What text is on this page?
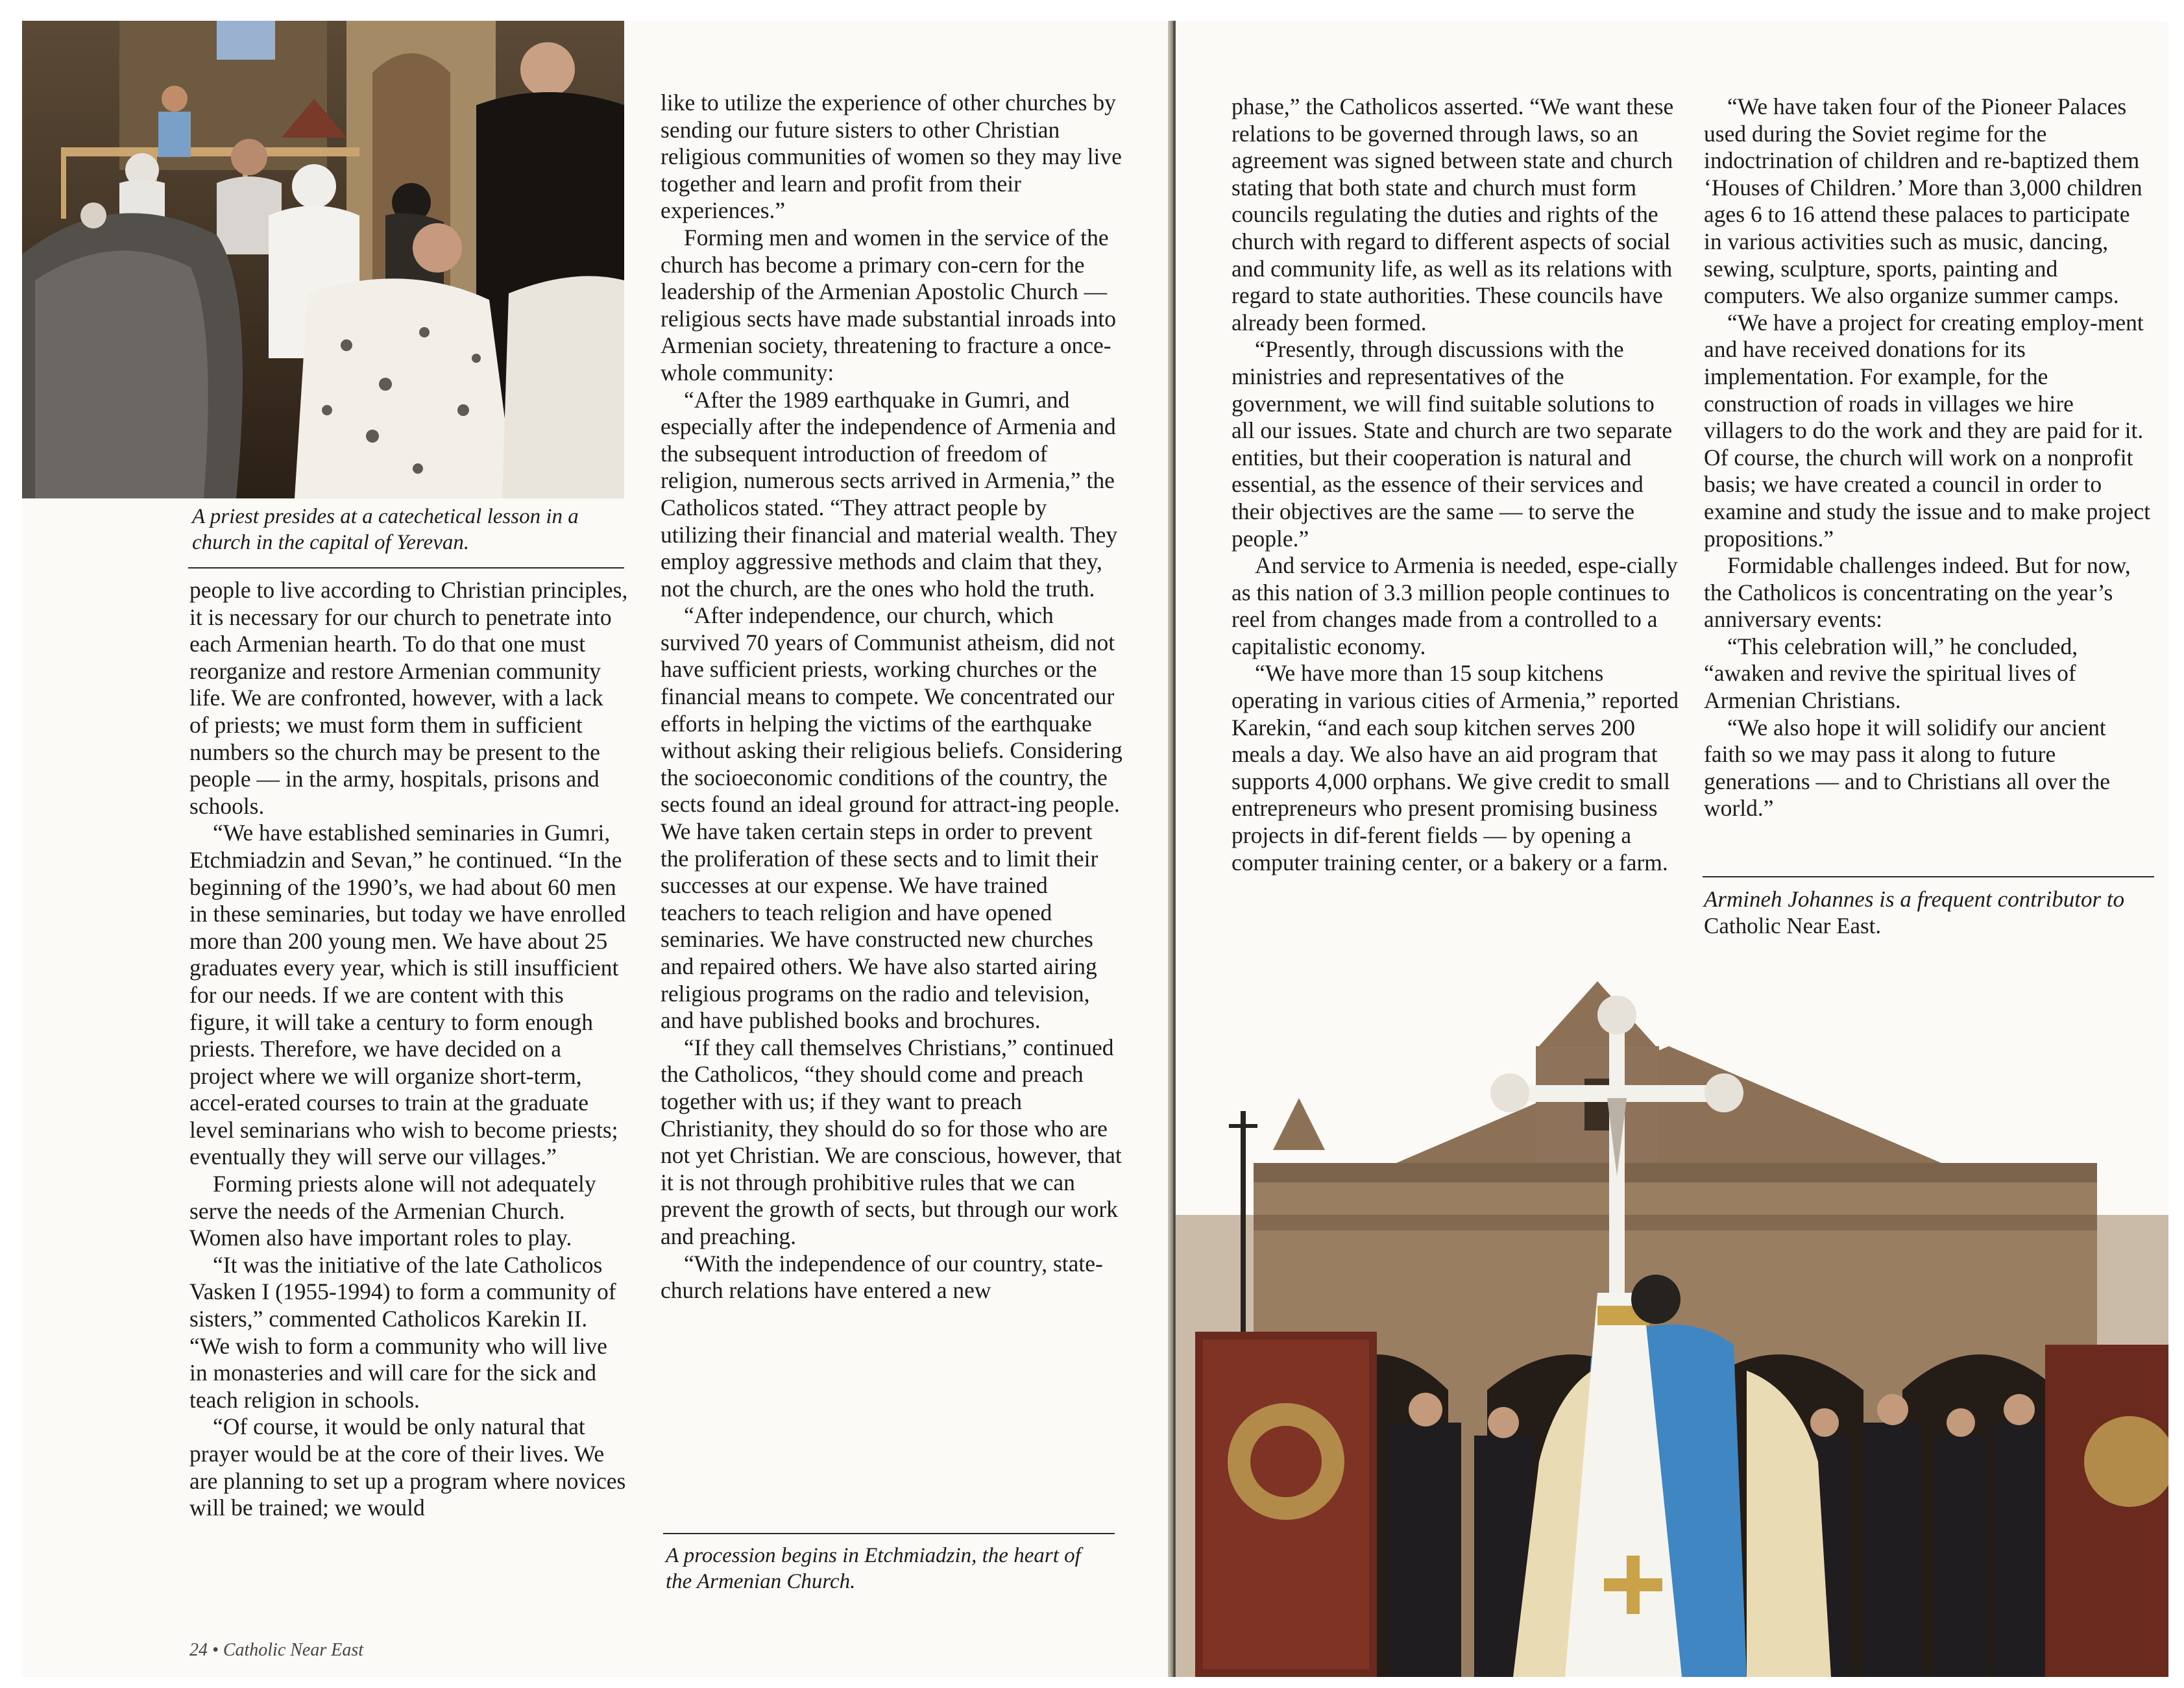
A priest presides at a catechetical lesson in a church in the capital of Yerevan.

people to live according to Christian principles, it is necessary for our church to penetrate into each Armenian hearth. To do that one must reorganize and restore Armenian community life. We are confronted, however, with a lack of priests; we must form them in sufficient numbers so the church may be present to the people — in the army, hospitals, prisons and schools.

“We have established seminaries in Gumri, Etchmiadzin and Sevan,” he continued. “In the beginning of the 1990’s, we had about 60 men in these seminaries, but today we have enrolled more than 200 young men. We have about 25 graduates every year, which is still insufficient for our needs. If we are content with this figure, it will take a century to form enough priests. Therefore, we have decided on a project where we will organize short-term, accel-erated courses to train at the graduate level seminarians who wish to become priests; eventually they will serve our villages.”

Forming priests alone will not adequately serve the needs of the Armenian Church. Women also have important roles to play.

“It was the initiative of the late Catholicos Vasken I (1955-1994) to form a community of sisters,” commented Catholicos Karekin II. “We wish to form a community who will live in monasteries and will care for the sick and teach religion in schools.

“Of course, it would be only natural that prayer would be at the core of their lives. We are planning to set up a program where novices will be trained; we would

like to utilize the experience of other churches by sending our future sisters to other Christian religious communities of women so they may live together and learn and profit from their experiences.”

Forming men and women in the service of the church has become a primary con-cern for the leadership of the Armenian Apostolic Church — religious sects have made substantial inroads into Armenian society, threatening to fracture a once-whole community:

“After the 1989 earthquake in Gumri, and especially after the independence of Armenia and the subsequent introduction of freedom of religion, numerous sects arrived in Armenia,” the Catholicos stated. “They attract people by utilizing their financial and material wealth. They employ aggressive methods and claim that they, not the church, are the ones who hold the truth.

“After independence, our church, which survived 70 years of Communist atheism, did not have sufficient priests, working churches or the financial means to compete. We concentrated our efforts in helping the victims of the earthquake without asking their religious beliefs. Considering the socioeconomic conditions of the country, the sects found an ideal ground for attract-ing people. We have taken certain steps in order to prevent the proliferation of these sects and to limit their successes at our expense. We have trained teachers to teach religion and have opened seminaries. We have constructed new churches and repaired others. We have also started airing religious programs on the radio and television, and have published books and brochures.

“If they call themselves Christians,” continued the Catholicos, “they should come and preach together with us; if they want to preach Christianity, they should do so for those who are not yet Christian. We are conscious, however, that it is not through prohibitive rules that we can prevent the growth of sects, but through our work and preaching.

“With the independence of our country, state-church relations have entered a new

A procession begins in Etchmiadzin, the heart of the Armenian Church.
24 • Catholic Near East

phase,” the Catholicos asserted. “We want these relations to be governed through laws, so an agreement was signed between state and church stating that both state and church must form councils regulating the duties and rights of the church with regard to different aspects of social and community life, as well as its relations with regard to state authorities. These councils have already been formed.

“Presently, through discussions with the ministries and representatives of the government, we will find suitable solutions to all our issues. State and church are two separate entities, but their cooperation is natural and essential, as the essence of their services and their objectives are the same — to serve the people.”

And service to Armenia is needed, espe-cially as this nation of 3.3 million people continues to reel from changes made from a controlled to a capitalistic economy.

“We have more than 15 soup kitchens operating in various cities of Armenia,” reported Karekin, “and each soup kitchen serves 200 meals a day. We also have an aid program that supports 4,000 orphans. We give credit to small entrepreneurs who present promising business projects in dif-ferent fields — by opening a computer training center, or a bakery or a farm.

“We have taken four of the Pioneer Palaces used during the Soviet regime for the indoctrination of children and re-baptized them ‘Houses of Children.’ More than 3,000 children ages 6 to 16 attend these palaces to participate in various activities such as music, dancing, sewing, sculpture, sports, painting and computers. We also organize summer camps.

“We have a project for creating employ-ment and have received donations for its implementation. For example, for the construction of roads in villages we hire villagers to do the work and they are paid for it. Of course, the church will work on a nonprofit basis; we have created a council in order to examine and study the issue and to make project propositions.”

Formidable challenges indeed. But for now, the Catholicos is concentrating on the year’s anniversary events:

“This celebration will,” he concluded, “awaken and revive the spiritual lives of Armenian Christians.

“We also hope it will solidify our ancient faith so we may pass it along to future generations — and to Christians all over the world.”

Armineh Johannes is a frequent contributor to Catholic Near East.
